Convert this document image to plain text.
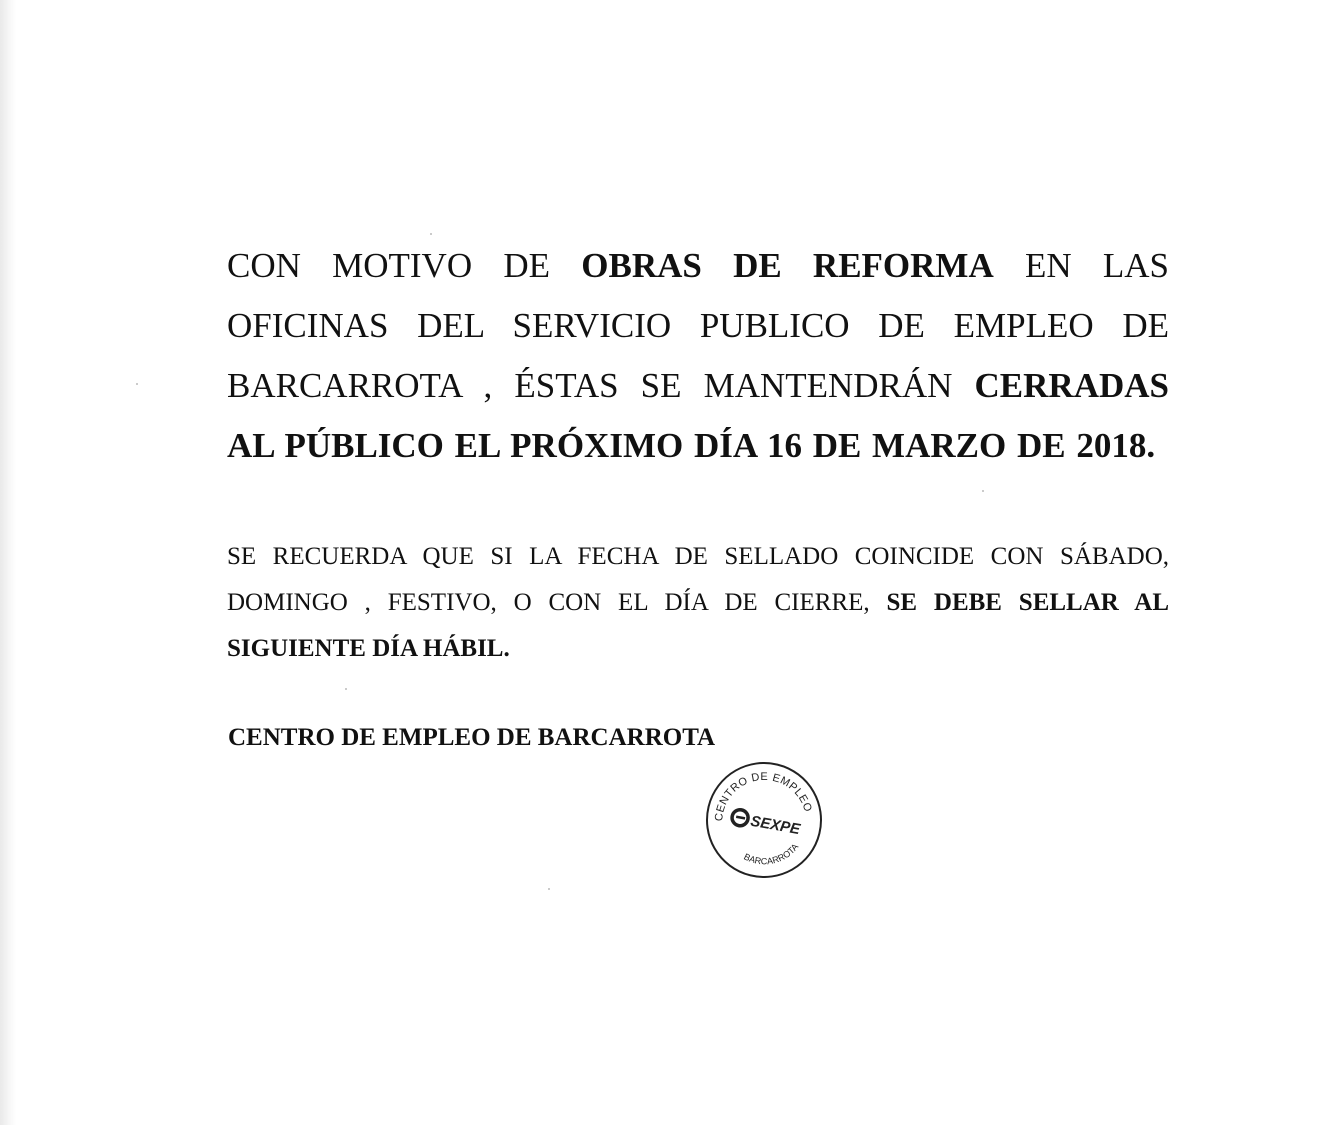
CON MOTIVO DE OBRAS DE REFORMA EN LAS OFICINAS DEL SERVICIO PUBLICO DE EMPLEO DE BARCARROTA , ÉSTAS SE MANTENDRÁN CERRADAS AL PÚBLICO EL PRÓXIMO DÍA 16 DE MARZO DE 2018.

SE RECUERDA QUE SI LA FECHA DE SELLADO COINCIDE CON SÁBADO, DOMINGO , FESTIVO, O CON EL DÍA DE CIERRE, SE DEBE SELLAR AL SIGUIENTE DÍA HÁBIL.

CENTRO DE EMPLEO DE BARCARROTA

CENTRO DE EMPLEO
SEXPE
BARCARROTA
